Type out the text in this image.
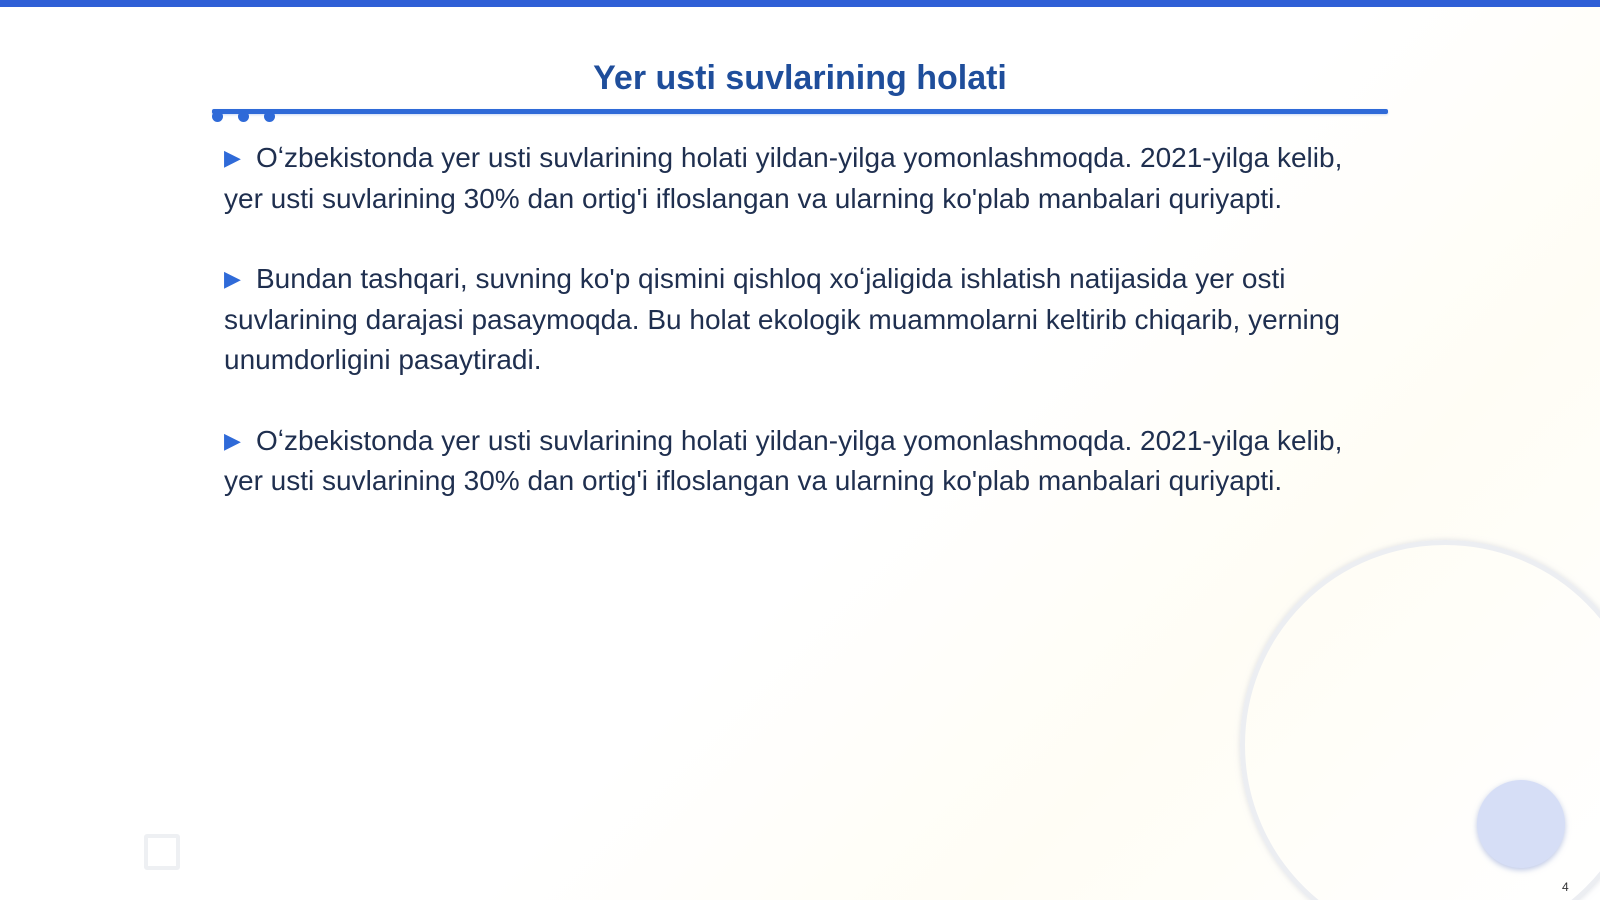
Yer usti suvlarining holati

▶ Oʻzbekistonda yer usti suvlarining holati yildan-yilga yomonlashmoqda. 2021-yilga kelib, yer usti suvlarining 30% dan ortig'i ifloslangan va ularning ko'plab manbalari quriyapti.

▶ Bundan tashqari, suvning ko'p qismini qishloq xoʻjaligida ishlatish natijasida yer osti suvlarining darajasi pasaymoqda. Bu holat ekologik muammolarni keltirib chiqarib, yerning unumdorligini pasaytiradi.

▶ Oʻzbekistonda yer usti suvlarining holati yildan-yilga yomonlashmoqda. 2021-yilga kelib, yer usti suvlarining 30% dan ortig'i ifloslangan va ularning ko'plab manbalari quriyapti.

4
